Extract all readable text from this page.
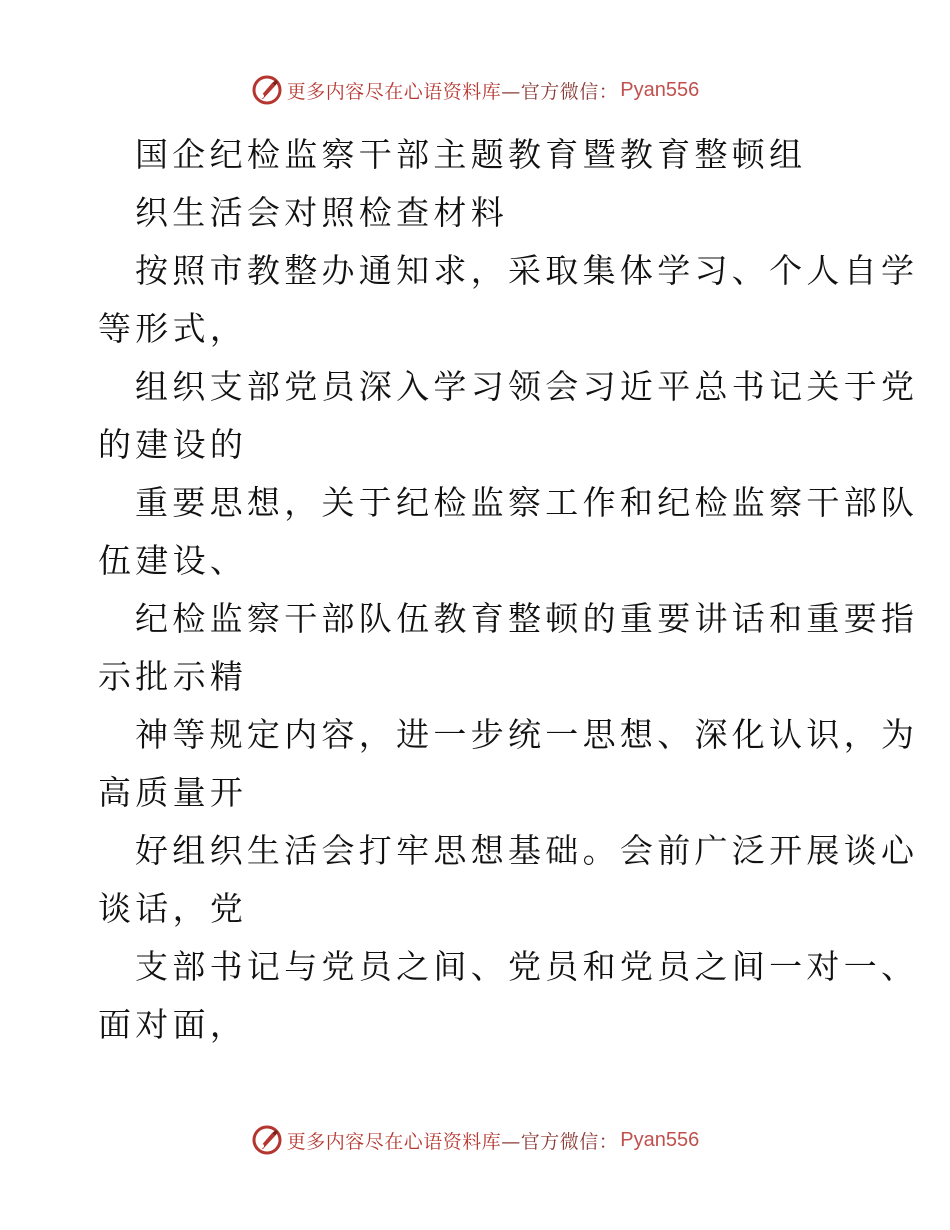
更多内容尽在心语资料库 —官方微信： Pyan556
国企纪检监察干部主题教育暨教育整顿组
织生活会对照检查材料
按照市教整办通知求，采取集体学习、个人自学
等形式，
组织支部党员深入学习领会习近平总书记关于党
的建设的
重要思想，关于纪检监察工作和纪检监察干部队
伍建设、
纪检监察干部队伍教育整顿的重要讲话和重要指
示批示精
神等规定内容，进一步统一思想、深化认识，为
高质量开
好组织生活会打牢思想基础。会前广泛开展谈心
谈话，党
支部书记与党员之间、党员和党员之间一对一、
面对面，
更多内容尽在心语资料库 —官方微信： Pyan556
